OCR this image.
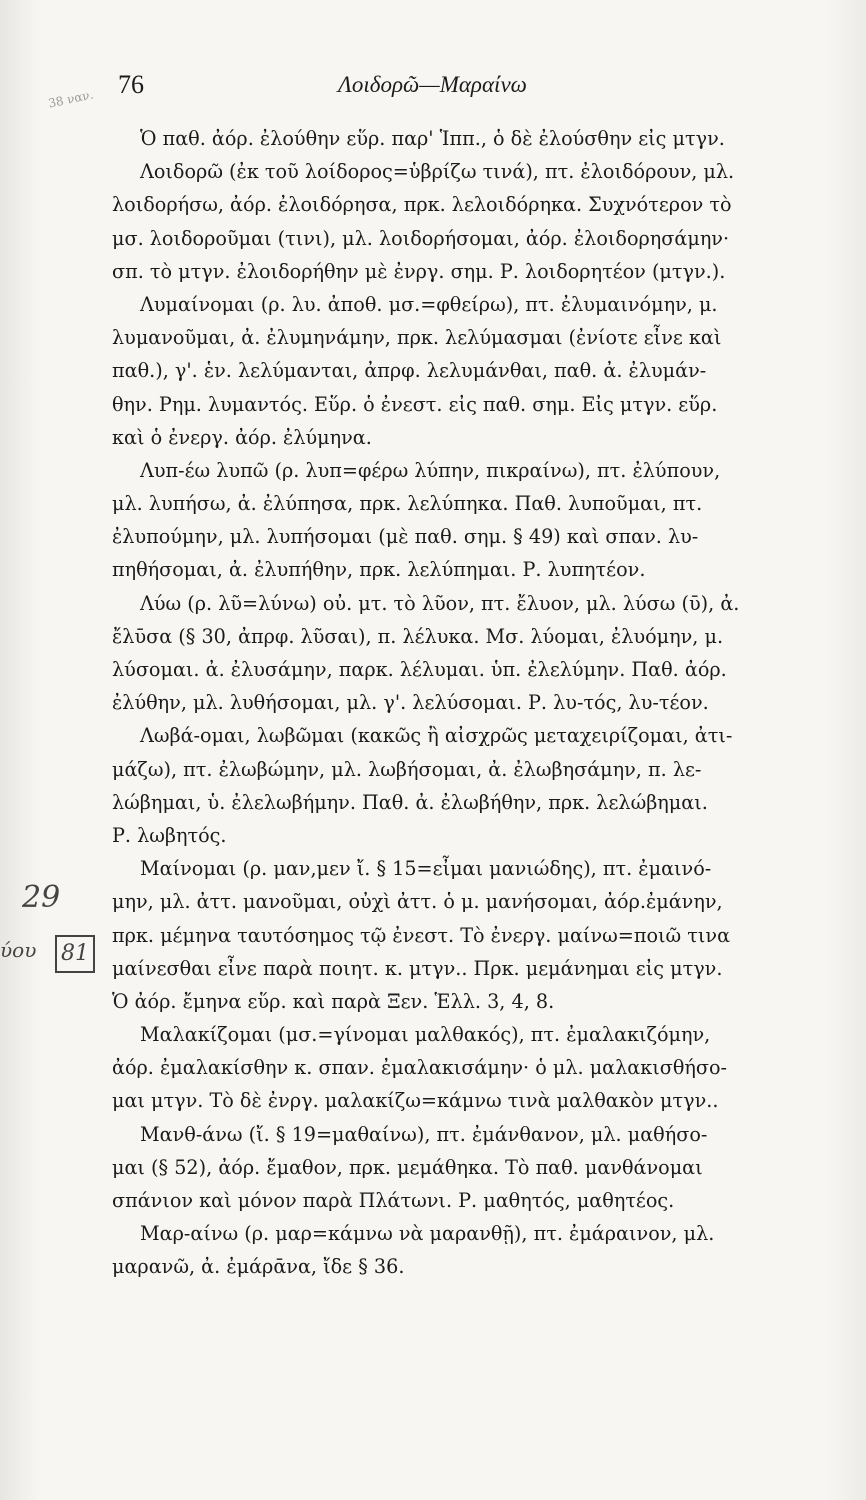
38 ναν. 76	Λοιδορῶ—Μαραίνω
Ὁ παθ. ἀόρ. ἐλούθην εὕρ. παρ' Ἱππ., ὁ δὲ ἐλούσθην εἰς μτγν.
Λοιδορῶ (ἐκ τοῦ λοίδορος=ὑβρίζω τινά), πτ. ἐλοιδόρουν, μλ.
λοιδορήσω, ἀόρ. ἐλοιδόρησα, πρκ. λελοιδόρηκα. Συχνότερον τὸ
μσ. λοιδοροῦμαι (τινι), μλ. λοιδορήσομαι, ἀόρ. ἐλοιδορησάμην·
σπ. τὸ μτγν. ἐλοιδορήθην μὲ ἐνργ. σημ. Ρ. λοιδορητέον (μτγν.).
Λυμαίνομαι (ρ. λυ. ἀποθ. μσ.=φθείρω), πτ. ἐλυμαινόμην, μ.
λυμανοῦμαι, ἀ. ἐλυμηνάμην, πρκ. λελύμασμαι (ἐνίοτε εἶνε καὶ
παθ.), γ'. ἑν. λελύμανται, ἀπρφ. λελυμάνθαι, παθ. ἀ. ἐλυμάν-
θην. Ρημ. λυμαντός. Εὕρ. ὁ ἐνεστ. εἰς παθ. σημ. Εἰς μτγν. εὕρ.
καὶ ὁ ἐνεργ. ἀόρ. ἐλύμηνα.
Λυπ-έω λυπῶ (ρ. λυπ=φέρω λύπην, πικραίνω), πτ. ἐλύπουν,
μλ. λυπήσω, ἀ. ἐλύπησα, πρκ. λελύπηκα. Παθ. λυποῦμαι, πτ.
ἐλυπούμην, μλ. λυπήσομαι (μὲ παθ. σημ. § 49) καὶ σπαν. λυ-
πηθήσομαι, ἀ. ἐλυπήθην, πρκ. λελύπημαι. Ρ. λυπητέον.
Λύω (ρ. λῦ=λύνω) οὐ. μτ. τὸ λῦον, πτ. ἔλυον, μλ. λύσω (ῡ), ἀ.
ἔλῡσα (§ 30, ἀπρφ. λῦσαι), π. λέλυκα. Μσ. λύομαι, ἐλυόμην, μ.
λύσομαι. ἀ. ἐλυσάμην, παρκ. λέλυμαι. ὑπ. ἐλελύμην. Παθ. ἀόρ.
ἐλύθην, μλ. λυθήσομαι, μλ. γ'. λελύσομαι. Ρ. λυ-τός, λυ-τέον.
Λωβά-ομαι, λωβῶμαι (κακῶς ἢ αἰσχρῶς μεταχειρίζομαι, ἀτι-
μάζω), πτ. ἐλωβώμην, μλ. λωβήσομαι, ἀ. ἐλωβησάμην, π. λε-
λώβημαι, ὑ. ἐλελωβήμην. Παθ. ἀ. ἐλωβήθην, πρκ. λελώβημαι.
Ρ. λωβητός.
Μαίνομαι (ρ. μαν,μεν ἴ. § 15=εἶμαι μανιώδης), πτ. ἐμαινό-
μην, μλ. ἀττ. μανοῦμαι, οὐχὶ ἀττ. ὁ μ. μανήσομαι, ἀόρ.ἐμάνην,
πρκ. μέμηνα ταυτόσημος τῷ ἐνεστ. Τὸ ἐνεργ. μαίνω=ποιῶ τινα
μαίνεσθαι εἶνε παρὰ ποιητ. κ. μτγν.. Πρκ. μεμάνημαι εἰς μτγν.
Ὁ ἀόρ. ἔμηνα εὕρ. καὶ παρὰ Ξεν. Ἑλλ. 3, 4, 8.
Μαλακίζομαι (μσ.=γίνομαι μαλθακός), πτ. ἐμαλακιζόμην,
ἀόρ. ἐμαλακίσθην κ. σπαν. ἐμαλακισάμην· ὁ μλ. μαλακισθήσο-
μαι μτγν. Τὸ δὲ ἐνργ. μαλακίζω=κάμνω τινὰ μαλθακὸν μτγν..
Μανθ-άνω (ἴ. § 19=μαθαίνω), πτ. ἐμάνθανον, μλ. μαθήσο-
μαι (§ 52), ἀόρ. ἔμαθον, πρκ. μεμάθηκα. Τὸ παθ. μανθάνομαι
σπάνιον καὶ μόνον παρὰ Πλάτωνι. Ρ. μαθητός, μαθητέος.
Μαρ-αίνω (ρ. μαρ=κάμνω νὰ μαρανθῇ), πτ. ἐμάραινον, μλ.
μαρανῶ, ἀ. ἐμάρᾱνα, ἴδε § 36.
29
ύου 81
